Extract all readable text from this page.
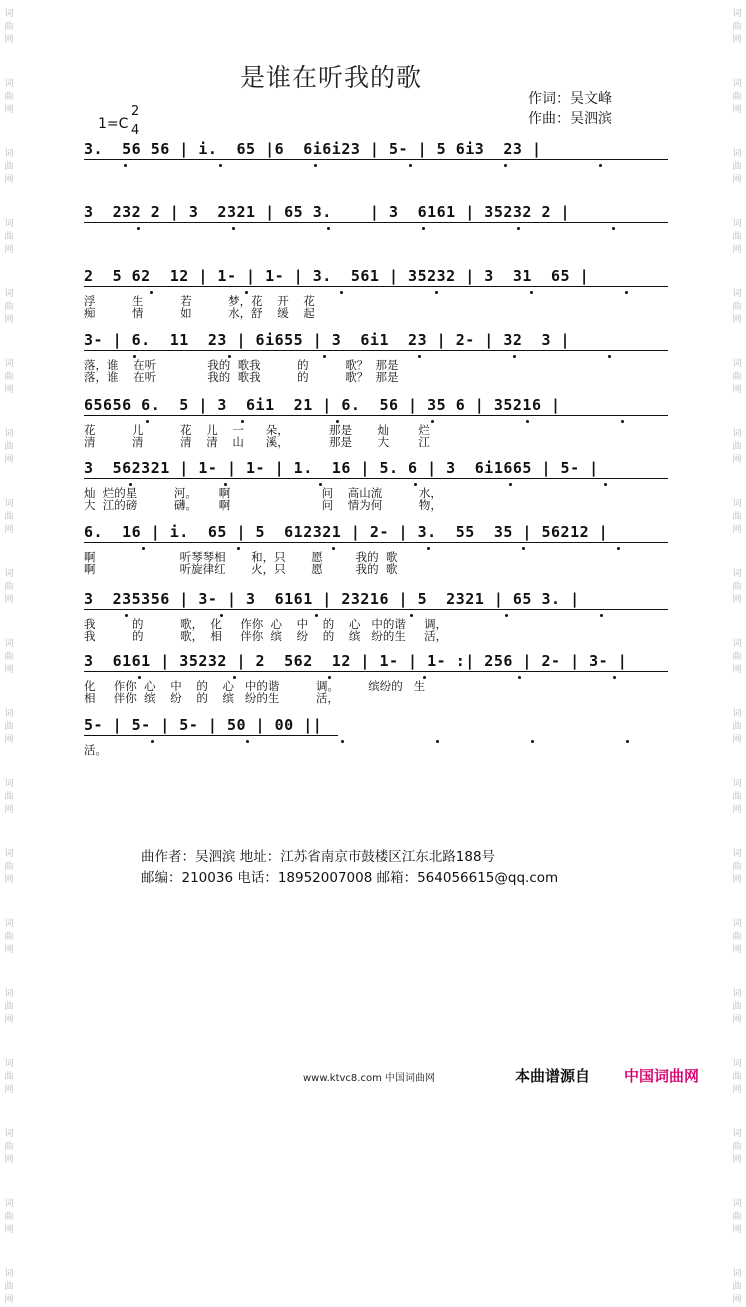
词
曲
网
词
曲
网
词
曲
网
词
曲
网
词
曲
网
词
曲
网
词
曲
网
词
曲
网
词
曲
网
词
曲
网
词
曲
网
词
曲
网
词
曲
网
词
曲
网
词
曲
网
词
曲
网
词
曲
网
词
曲
网
词
曲
网
词
曲
网
词
曲
网
词
曲
网
词
曲
网
词
曲
网
词
曲
网
词
曲
网
词
曲
网
词
曲
网
词
曲
网
词
曲
网
词
曲
网
词
曲
网
词
曲
网
词
曲
网
词
曲
网
词
曲
网
词
曲
网
词
曲
网
是谁在听我的歌
作词：吴文峰
作曲：吴泗滨
1=C
2
4
3.  56 56 | i.  65 |6  6i6i23 | 5- | 5 6i3  23 |
3  232 2 | 3  2321 | 65 3.    | 3  6161 | 35232 2 |
2  5 62  12 | 1- | 1- | 3.  561 | 35232 | 3  31  65 |
浮          生          若          梦，花    开    花
痴          情          如          水，舒    缓    起
3- | 6.  11  23 | 6i655 | 3  6i1  23 | 2- | 32  3 |
落，谁    在听              我的  歌我          的          歌？  那是
落，谁    在听              我的  歌我          的          歌？  那是
65656 6.  5 | 3  6i1  21 | 6.  56 | 35 6 | 35216 |
花          儿          花    儿    一      朵，           那是       灿        烂
清          清          清    清    山      溪，           那是       大        江
3  562321 | 1- | 1- | 1.  16 | 5. 6 | 3  6i1665 | 5- |
灿  烂的星          河。      啊                         问    高山流          水，
大  江的磅          礴。      啊                         问    情为何          物，
6.  16 | i.  65 | 5  612321 | 2- | 3.  55  35 | 56212 |
啊                       听琴琴相       和，只       愿         我的  歌
啊                       听旋律红       火，只       愿         我的  歌
3  235356 | 3- | 3  6161 | 23216 | 5  2321 | 65 3. |
我          的          歌，  化     作你  心    中    的    心   中的谐     调，
我          的          歌，  相     伴你  缤    纷    的    缤   纷的生     活，
3  6161 | 35232 | 2  562  12 | 1- | 1- :| 256 | 2- | 3- |
化     作你  心    中    的    心   中的谐          调。        缤纷的   生
相     伴你  缤    纷    的    缤   纷的生          活，
5- | 5- | 5- | 50 | 00 ||
活。
曲作者：吴泗滨 地址：江苏省南京市鼓楼区江东北路188号
邮编：210036 电话：18952007008 邮箱：564056615@qq.com
www.ktvc8.com 中国词曲网	本曲谱源自 中国词曲网
